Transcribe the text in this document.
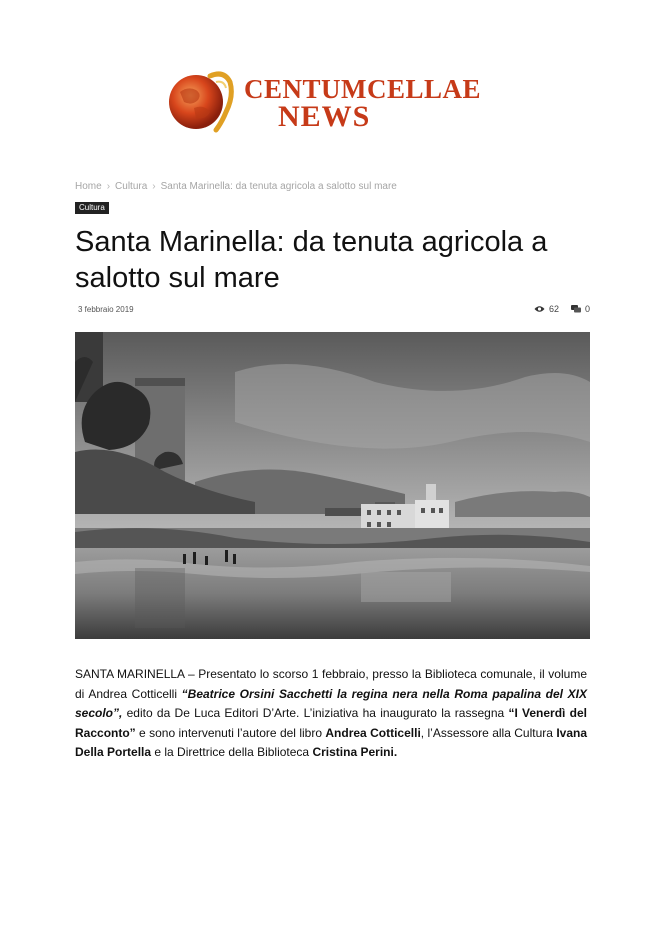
CENTUMCELLAE
NEWS
Home › Cultura › Santa Marinella: da tenuta agricola a salotto sul mare
Cultura
Santa Marinella: da tenuta agricola a salotto sul mare
3 febbraio 2019	62	0

SANTA MARINELLA – Presentato lo scorso 1 febbraio, presso la Biblioteca comunale, il volume di Andrea Cotticelli “Beatrice Orsini Sacchetti la regina nera nella Roma papalina del XIX secolo”, edito da De Luca Editori D’Arte. L’iniziativa ha inaugurato la rassegna “I Venerdì del Racconto” e sono intervenuti l’autore del libro Andrea Cotticelli, l’Assessore alla Cultura Ivana Della Portella e la Direttrice della Biblioteca Cristina Perini.
